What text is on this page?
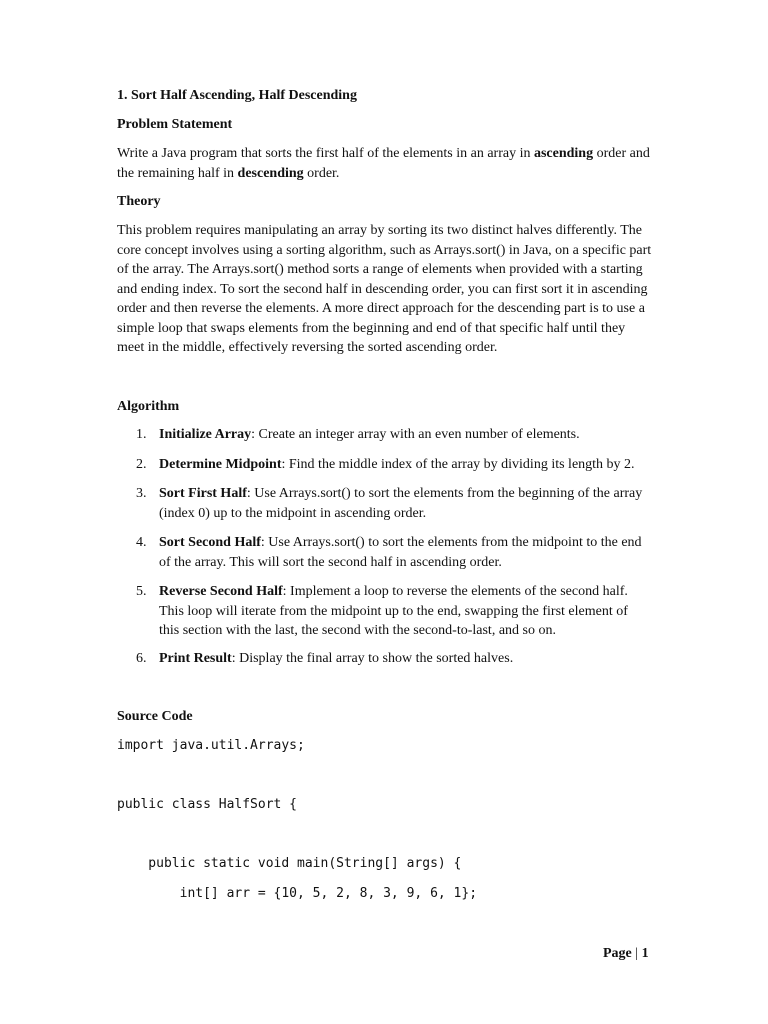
1. Sort Half Ascending, Half Descending
Problem Statement
Write a Java program that sorts the first half of the elements in an array in ascending order and the remaining half in descending order.
Theory
This problem requires manipulating an array by sorting its two distinct halves differently. The core concept involves using a sorting algorithm, such as Arrays.sort() in Java, on a specific part of the array. The Arrays.sort() method sorts a range of elements when provided with a starting and ending index. To sort the second half in descending order, you can first sort it in ascending order and then reverse the elements. A more direct approach for the descending part is to use a simple loop that swaps elements from the beginning and end of that specific half until they meet in the middle, effectively reversing the sorted ascending order.
Algorithm
1. Initialize Array: Create an integer array with an even number of elements.
2. Determine Midpoint: Find the middle index of the array by dividing its length by 2.
3. Sort First Half: Use Arrays.sort() to sort the elements from the beginning of the array (index 0) up to the midpoint in ascending order.
4. Sort Second Half: Use Arrays.sort() to sort the elements from the midpoint to the end of the array. This will sort the second half in ascending order.
5. Reverse Second Half: Implement a loop to reverse the elements of the second half. This loop will iterate from the midpoint up to the end, swapping the first element of this section with the last, the second with the second-to-last, and so on.
6. Print Result: Display the final array to show the sorted halves.
Source Code
import java.util.Arrays;
public class HalfSort {
public static void main(String[] args) {
int[] arr = {10, 5, 2, 8, 3, 9, 6, 1};
Page | 1
